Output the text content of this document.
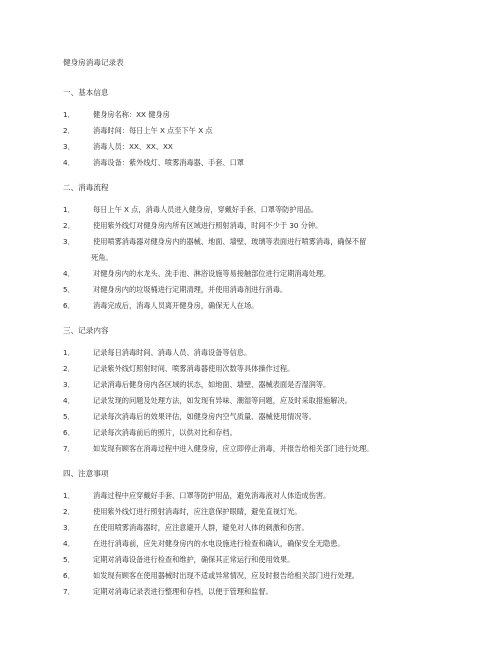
健身房消毒记录表
一、基本信息
1．	健身房名称：XX 健身房
2．	消毒时间：每日上午 X 点至下午 X 点
3．	消毒人员：XX、XX、XX
4．	消毒设备：紫外线灯、喷雾消毒器、手套、口罩
二、消毒流程
1．	每日上午 X 点，消毒人员进入健身房，穿戴好手套、口罩等防护用品。
2．	使用紫外线灯对健身房内所有区域进行照射消毒，时间不少于 30 分钟。
3．	使用喷雾消毒器对健身房内的器械、地面、墙壁、玻璃等表面进行喷雾消毒，确保不留
死角。
4．	对健身房内的水龙头、洗手池、淋浴设施等易接触部位进行定期消毒处理。
5．	对健身房内的垃圾桶进行定期清理，并使用消毒剂进行消毒。
6．	消毒完成后，消毒人员离开健身房，确保无人在场。
三、记录内容
1．	记录每日消毒时间、消毒人员、消毒设备等信息。
2．	记录紫外线灯照射时间、喷雾消毒器使用次数等具体操作过程。
3．	记录消毒后健身房内各区域的状态，如地面、墙壁、器械表面是否湿润等。
4．	记录发现的问题及处理方法，如发现有异味、潮湿等问题，应及时采取措施解决。
5．	记录每次消毒后的效果评估，如健身房内空气质量、器械使用情况等。
6．	记录每次消毒前后的照片，以供对比和存档。
7．	如发现有顾客在消毒过程中进入健身房，应立即停止消毒，并报告给相关部门进行处理。
四、注意事项
1．	消毒过程中应穿戴好手套、口罩等防护用品，避免消毒液对人体造成伤害。
2．	使用紫外线灯进行照射消毒时，应注意保护眼睛，避免直视灯光。
3．	在使用喷雾消毒器时，应注意避开人群，避免对人体的刺激和伤害。
4．	在进行消毒前，应先对健身房内的水电设施进行检查和确认，确保安全无隐患。
5．	定期对消毒设备进行检查和维护，确保其正常运行和使用效果。
6．	如发现有顾客在使用器械时出现不适或异常情况，应及时报告给相关部门进行处理。
7．	定期对消毒记录表进行整理和存档，以便于管理和监督。
